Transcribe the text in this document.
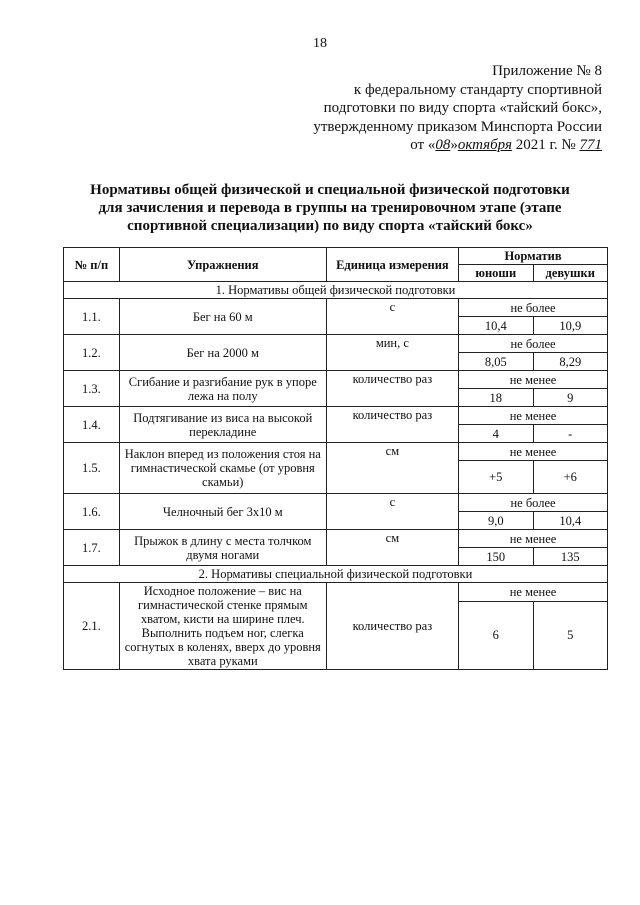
18
Приложение № 8
к федеральному стандарту спортивной
подготовки по виду спорта «тайский бокс»,
утвержденному приказом Минспорта России
от «08»октября 2021 г. № 771
Нормативы общей физической и специальной физической подготовки
для зачисления и перевода в группы на тренировочном этапе (этапе
спортивной специализации) по виду спорта «тайский бокс»
№ п/п	Упражнения	Единица измерения	Норматив	
			юноши	девушки
1. Нормативы общей физической подготовки				
1.1.	Бег на 60 м	с	не более	
			10,4	10,9
1.2.	Бег на 2000 м	мин, с	не более	
			8,05	8,29
1.3.	Сгибание и разгибание рук в упоре лежа на полу	количество раз	не менее	
			18	9
1.4.	Подтягивание из виса на высокой перекладине	количество раз	не менее	
			4	-
1.5.	Наклон вперед из положения стоя на гимнастической скамье (от уровня скамьи)	см	не менее	
			+5	+6
1.6.	Челночный бег 3x10 м	с	не более	
			9,0	10,4
1.7.	Прыжок в длину с места толчком двумя ногами	см	не менее	
			150	135
2. Нормативы специальной физической подготовки				
2.1.	Исходное положение – вис на гимнастической стенке прямым хватом, кисти на ширине плеч. Выполнить подъем ног, слегка согнутых в коленях, вверх до уровня хвата руками	количество раз	не менее	
			6	5
